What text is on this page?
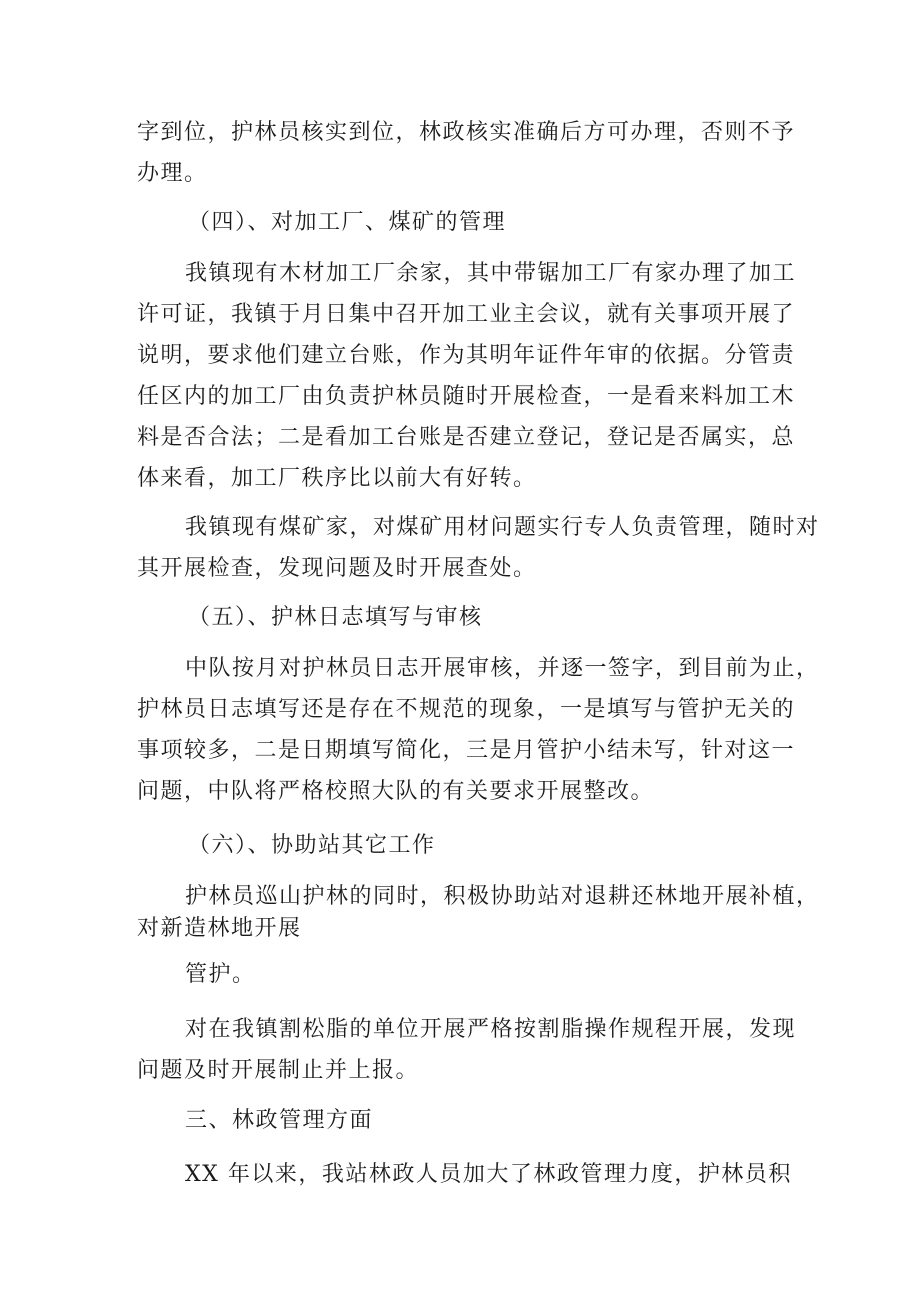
字到位，护林员核实到位，林政核实准确后方可办理，否则不予
办理。
（四）、对加工厂、煤矿的管理
我镇现有木材加工厂余家，其中带锯加工厂有家办理了加工
许可证，我镇于月日集中召开加工业主会议，就有关事项开展了
说明，要求他们建立台账，作为其明年证件年审的依据。分管责
任区内的加工厂由负责护林员随时开展检查，一是看来料加工木
料是否合法；二是看加工台账是否建立登记，登记是否属实，总
体来看，加工厂秩序比以前大有好转。
我镇现有煤矿家，对煤矿用材问题实行专人负责管理，随时对
其开展检查，发现问题及时开展查处。
（五）、护林日志填写与审核
中队按月对护林员日志开展审核，并逐一签字，到目前为止，
护林员日志填写还是存在不规范的现象，一是填写与管护无关的
事项较多，二是日期填写简化，三是月管护小结未写，针对这一
问题，中队将严格校照大队的有关要求开展整改。
（六）、协助站其它工作
护林员巡山护林的同时，积极协助站对退耕还林地开展补植，
对新造林地开展
管护。
对在我镇割松脂的单位开展严格按割脂操作规程开展，发现
问题及时开展制止并上报。
三、林政管理方面
XX 年以来，我站林政人员加大了林政管理力度，护林员积
